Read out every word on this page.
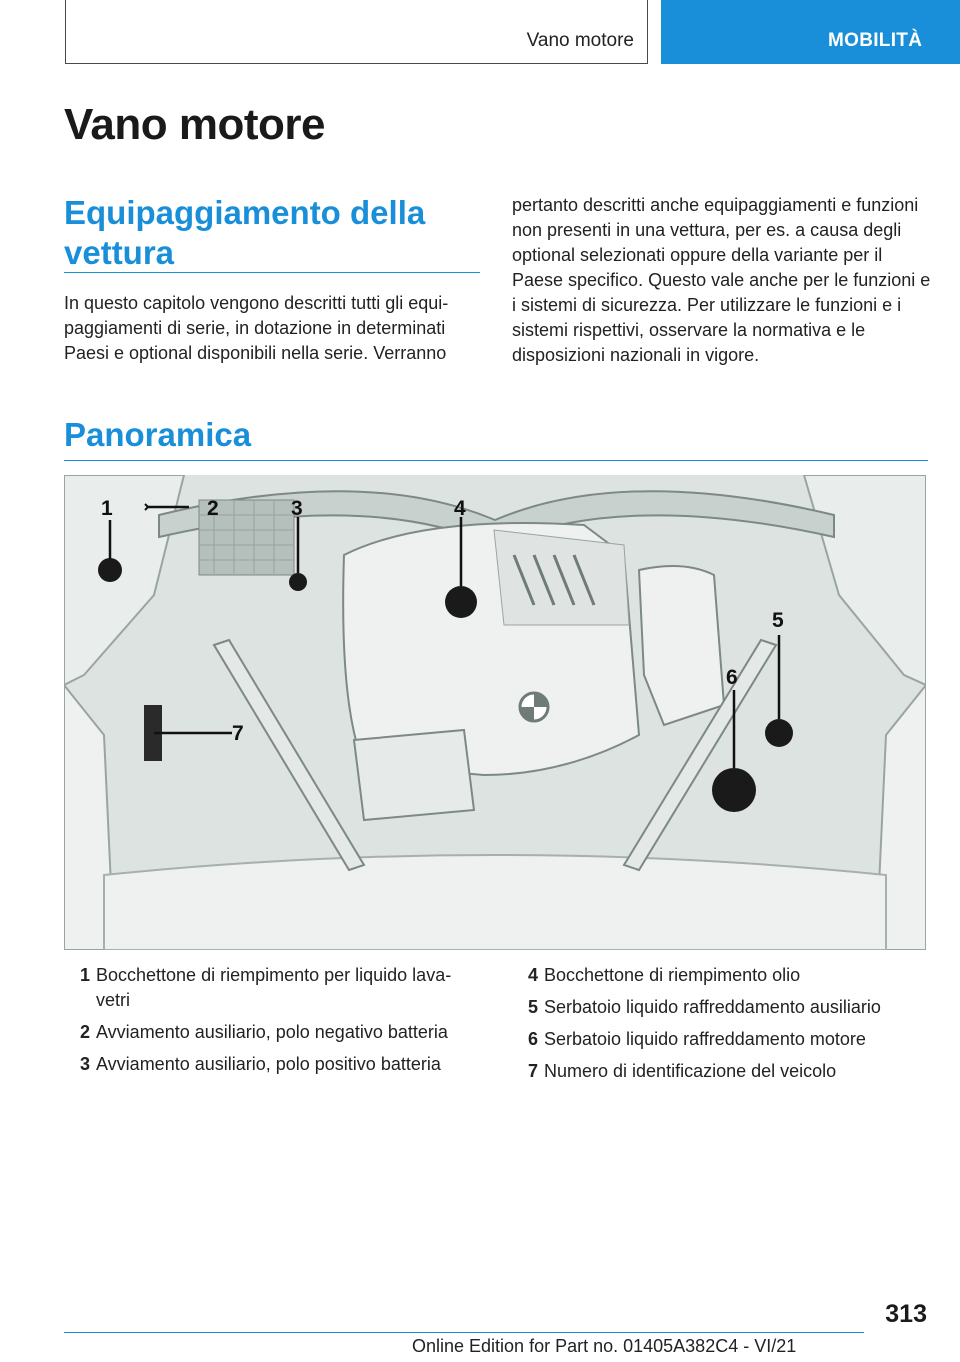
Vano motore	MOBILITÀ
Vano motore
Equipaggiamento della vettura

In questo capitolo vengono descritti tutti gli equipaggiamenti di serie, in dotazione in determinati Paesi e optional disponibili nella serie. Verranno

pertanto descritti anche equipaggiamenti e funzioni non presenti in una vettura, per es. a causa degli optional selezionati oppure della variante per il Paese specifico. Questo vale anche per le funzioni e i sistemi di sicurezza. Per utilizzare le funzioni e i sistemi rispettivi, osservare la normativa e le disposizioni nazionali in vigore.

Panoramica
1	2	3	4
5
6
7
1 Bocchettone di riempimento per liquido lavavetri
2 Avviamento ausiliario, polo negativo batteria
3 Avviamento ausiliario, polo positivo batteria
4 Bocchettone di riempimento olio
5 Serbatoio liquido raffreddamento ausiliario
6 Serbatoio liquido raffreddamento motore
7 Numero di identificazione del veicolo
313
Online Edition for Part no. 01405A382C4 - VI/21
